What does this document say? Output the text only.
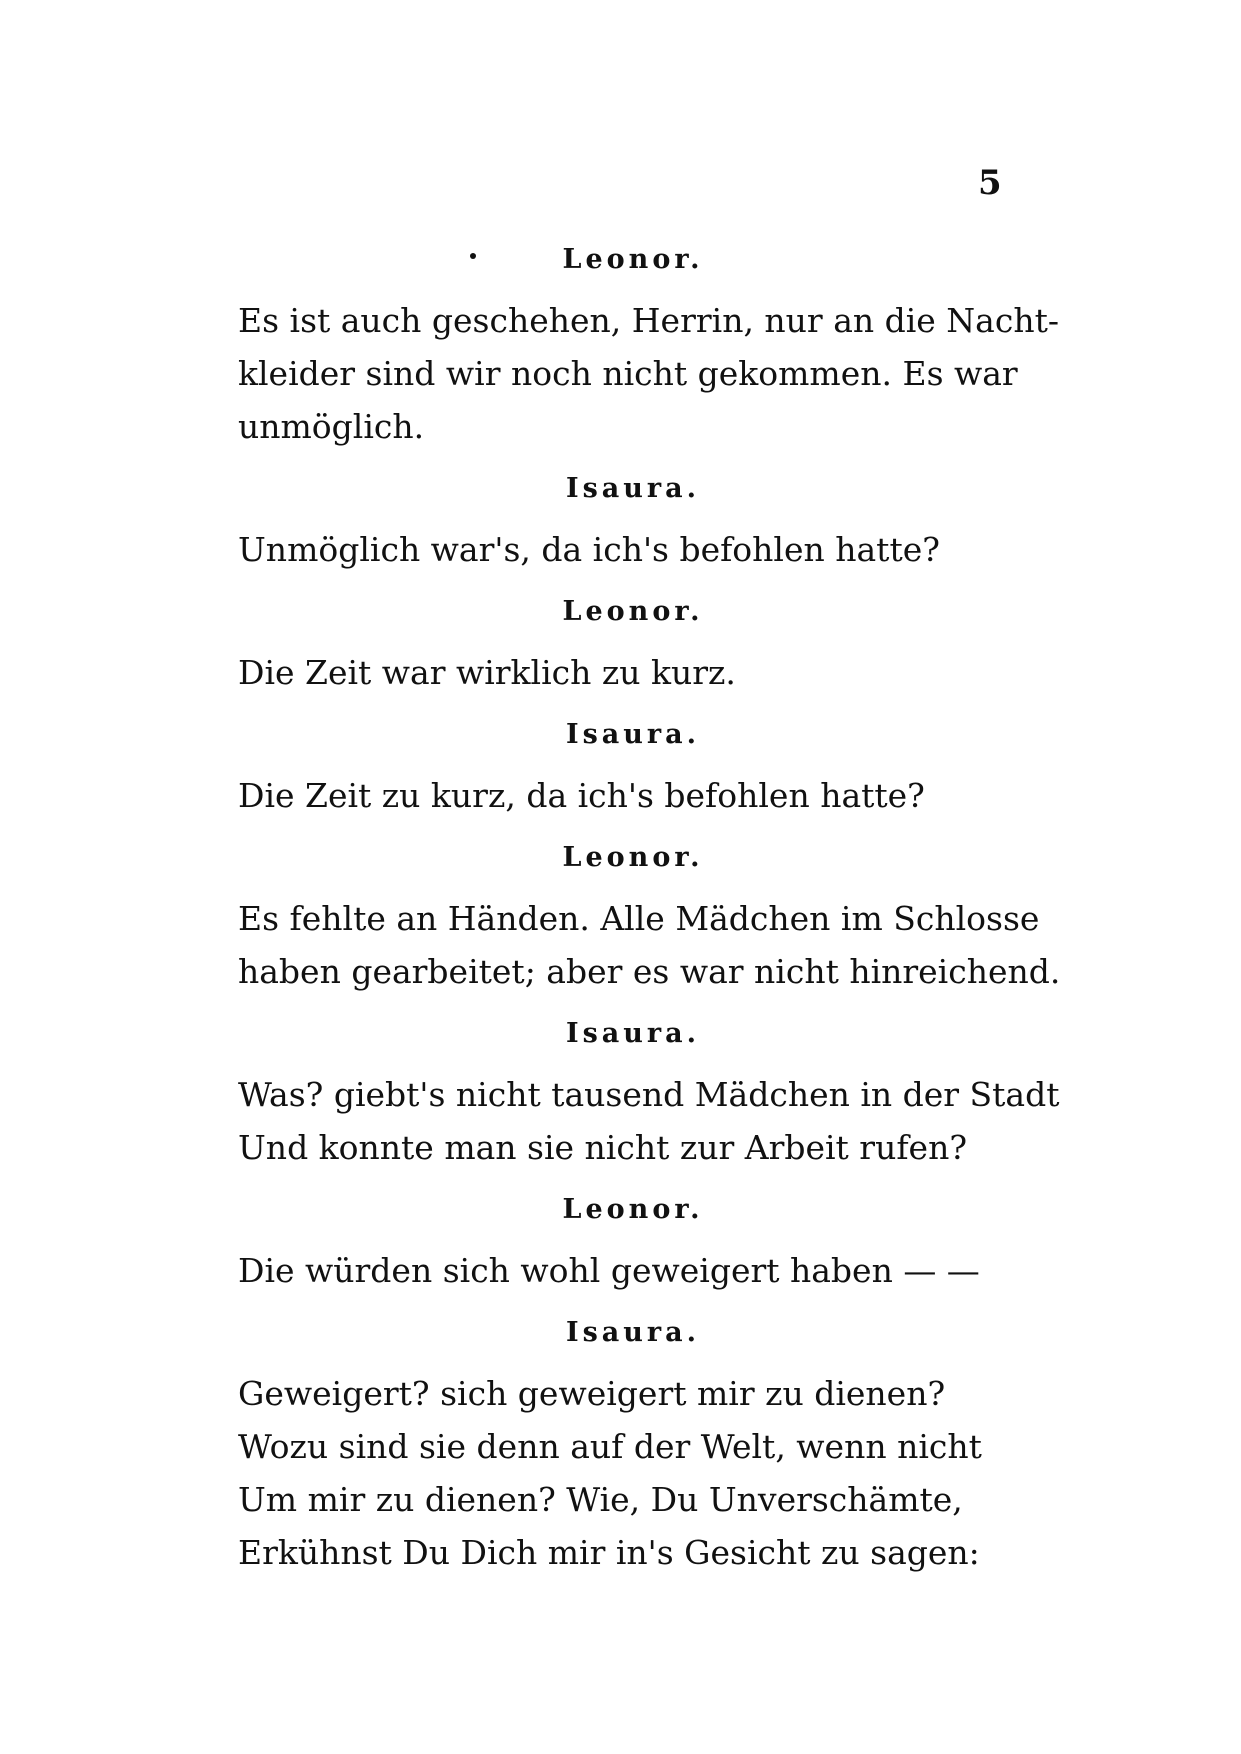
5
Leonor.
Es ist auch geschehen, Herrin, nur an die Nacht-
kleider sind wir noch nicht gekommen. Es war
unmöglich.
Isaura.
Unmöglich war's, da ich's befohlen hatte?
Leonor.
Die Zeit war wirklich zu kurz.
Isaura.
Die Zeit zu kurz, da ich's befohlen hatte?
Leonor.
Es fehlte an Händen. Alle Mädchen im Schlosse
haben gearbeitet; aber es war nicht hinreichend.
Isaura.
Was? giebt's nicht tausend Mädchen in der Stadt
Und konnte man sie nicht zur Arbeit rufen?
Leonor.
Die würden sich wohl geweigert haben — —
Isaura.
Geweigert? sich geweigert mir zu dienen?
Wozu sind sie denn auf der Welt, wenn nicht
Um mir zu dienen? Wie, Du Unverschämte,
Erkühnst Du Dich mir in's Gesicht zu sagen:
